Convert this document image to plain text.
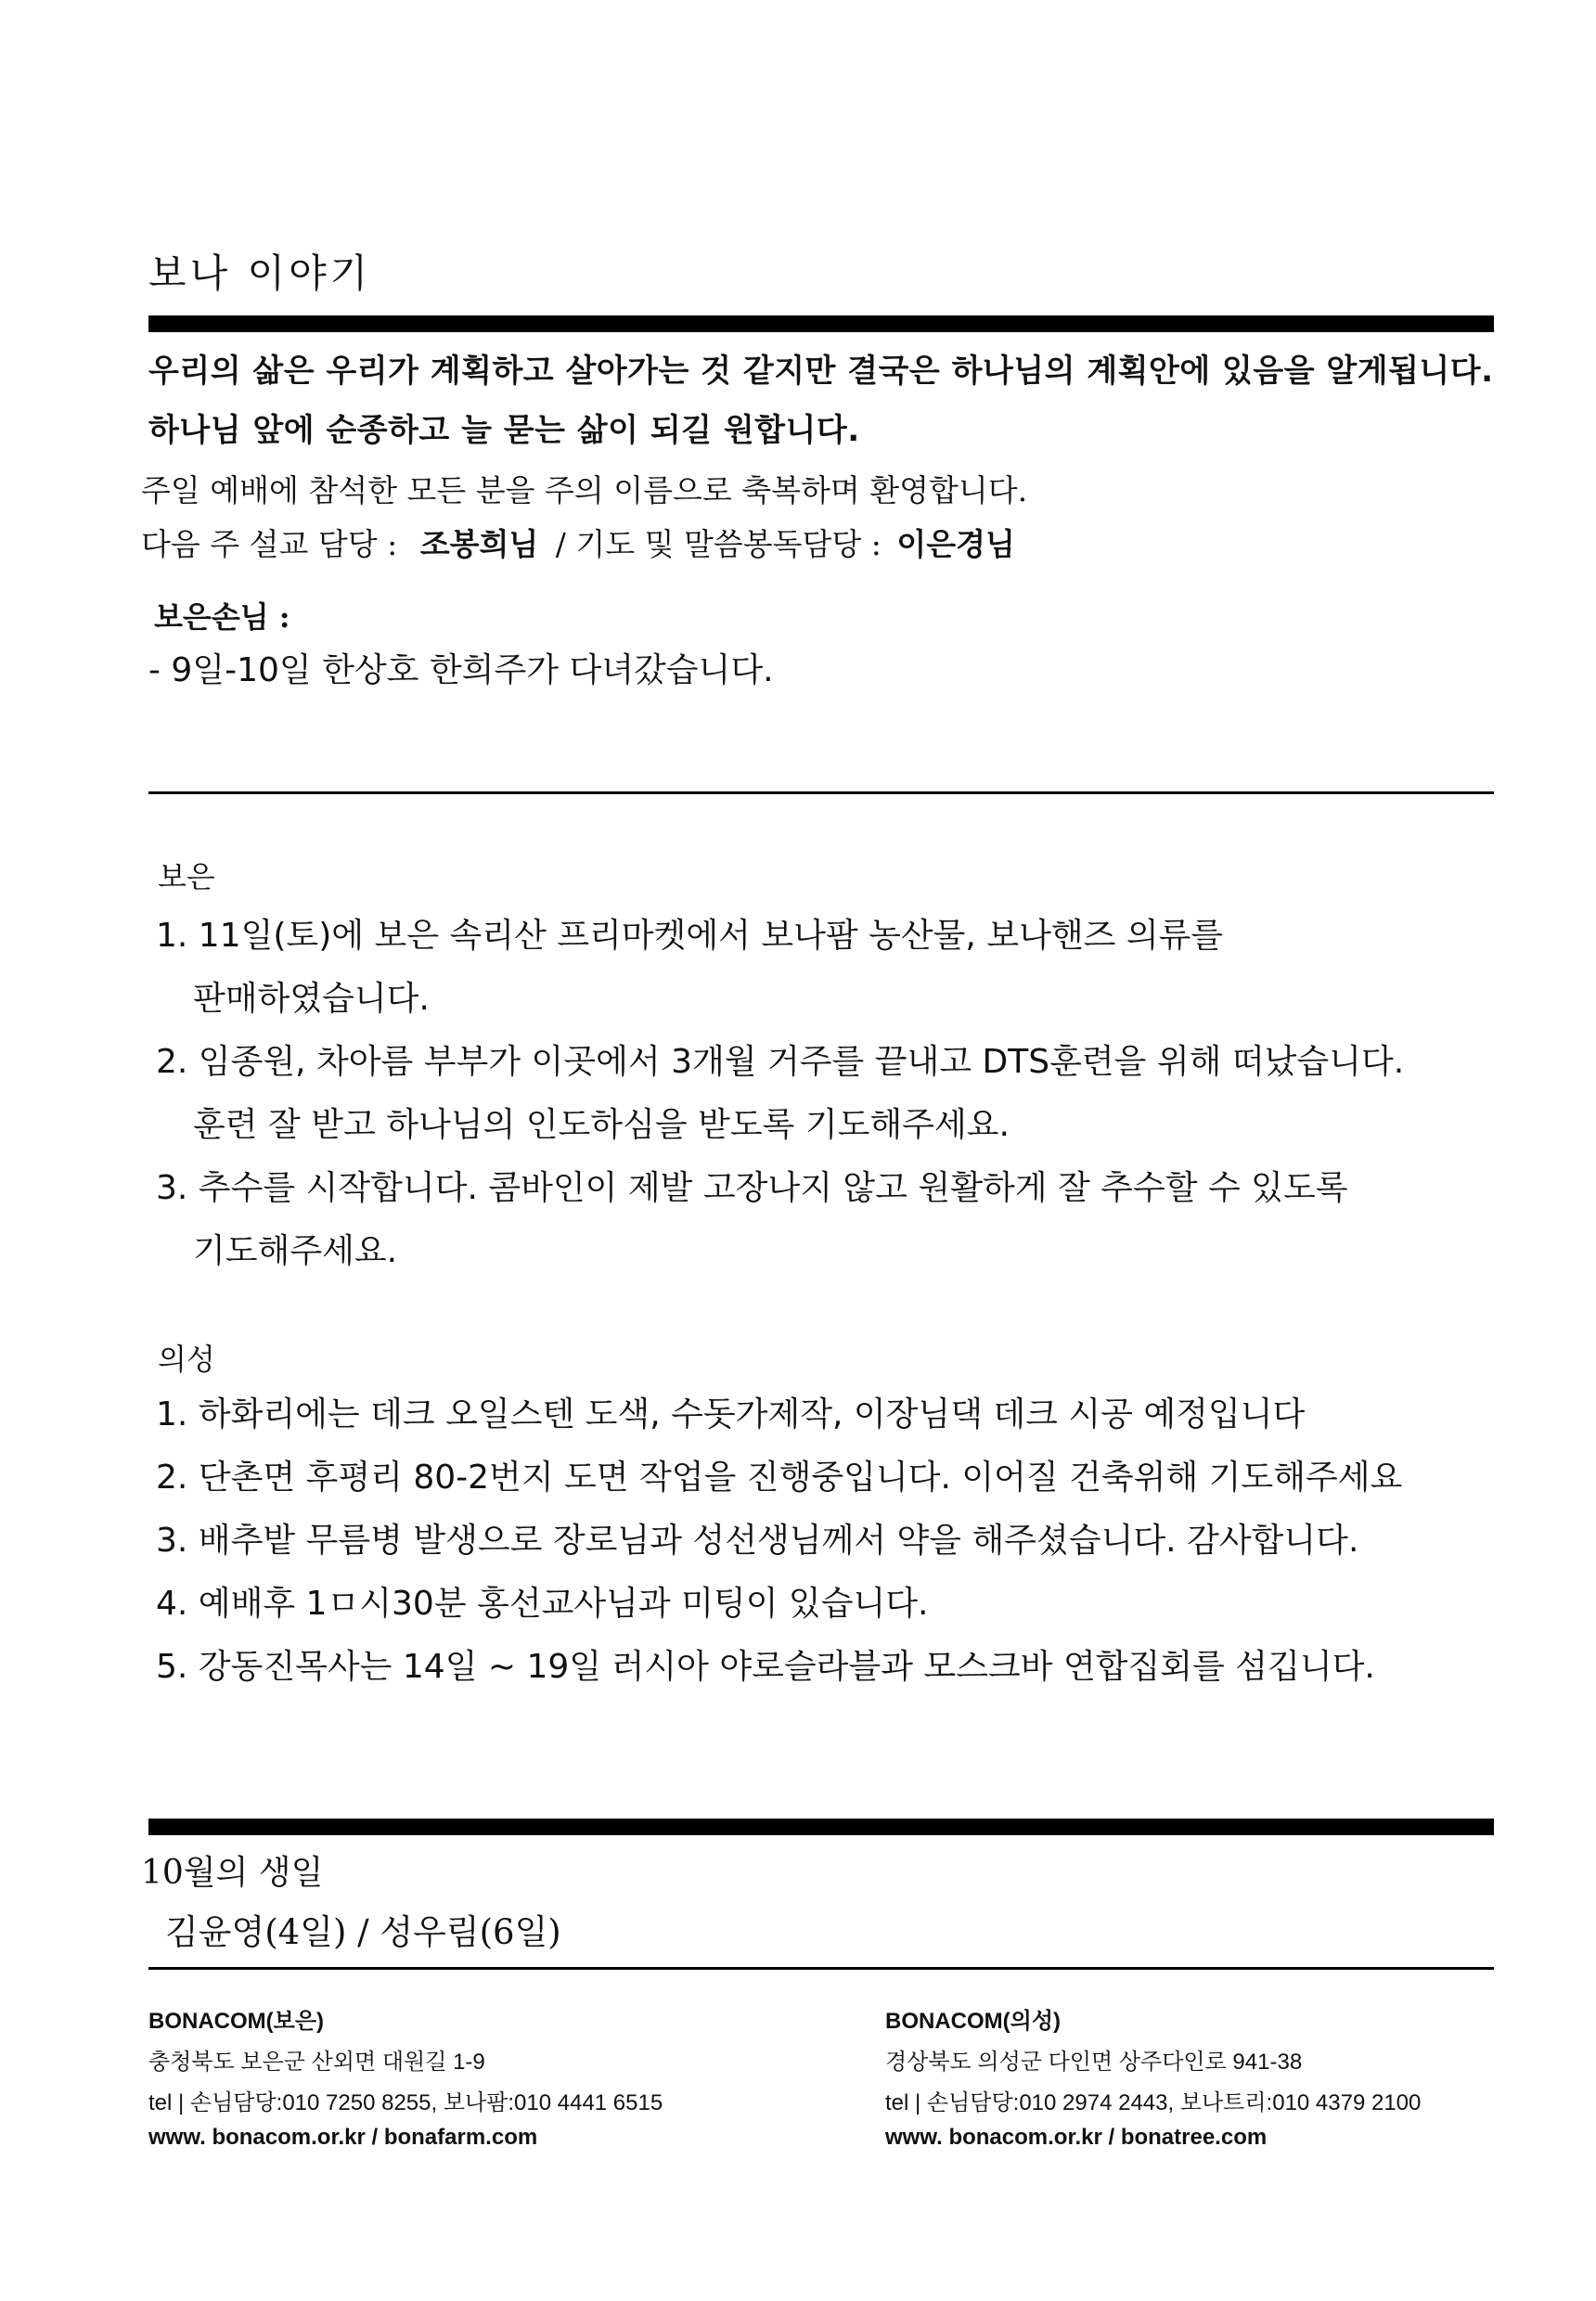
보나 이야기
우리의 삶은 우리가 계획하고 살아가는 것 같지만 결국은 하나님의 계획안에 있음을 알게됩니다.
하나님 앞에 순종하고 늘 묻는 삶이 되길 원합니다.
주일 예배에 참석한 모든 분을 주의 이름으로 축복하며 환영합니다.
다음 주 설교 담당 : 조봉희님 / 기도 및 말씀봉독담당 : 이은경님
보은손님 :
- 9일-10일 한상호 한희주가 다녀갔습니다.
보은
1. 11일(토)에 보은 속리산 프리마켓에서 보나팜 농산물, 보나핸즈 의류를
판매하였습니다.
2. 임종원, 차아름 부부가 이곳에서 3개월 거주를 끝내고 DTS훈련을 위해 떠났습니다.
훈련 잘 받고 하나님의 인도하심을 받도록 기도해주세요.
3. 추수를 시작합니다. 콤바인이 제발 고장나지 않고 원활하게 잘 추수할 수 있도록
기도해주세요.
의성
1. 하화리에는 데크 오일스텐 도색, 수돗가제작, 이장님댁 데크 시공 예정입니다
2. 단촌면 후평리 80-2번지 도면 작업을 진행중입니다. 이어질 건축위해 기도해주세요
3. 배추밭 무름병 발생으로 장로님과 성선생님께서 약을 해주셨습니다. 감사합니다.
4. 예배후 1ㅁ시30분 홍선교사님과 미팅이 있습니다.
5. 강동진목사는 14일 ~ 19일 러시아 야로슬라블과 모스크바 연합집회를 섬깁니다.
10월의 생일
김윤영(4일) / 성우림(6일)
BONACOM(보은)
충청북도 보은군 산외면 대원길 1-9
tel | 손님담당:010 7250 8255, 보나팜:010 4441 6515
www. bonacom.or.kr / bonafarm.com
BONACOM(의성)
경상북도 의성군 다인면 상주다인로 941-38
tel | 손님담당:010 2974 2443, 보나트리:010 4379 2100
www. bonacom.or.kr / bonatree.com
